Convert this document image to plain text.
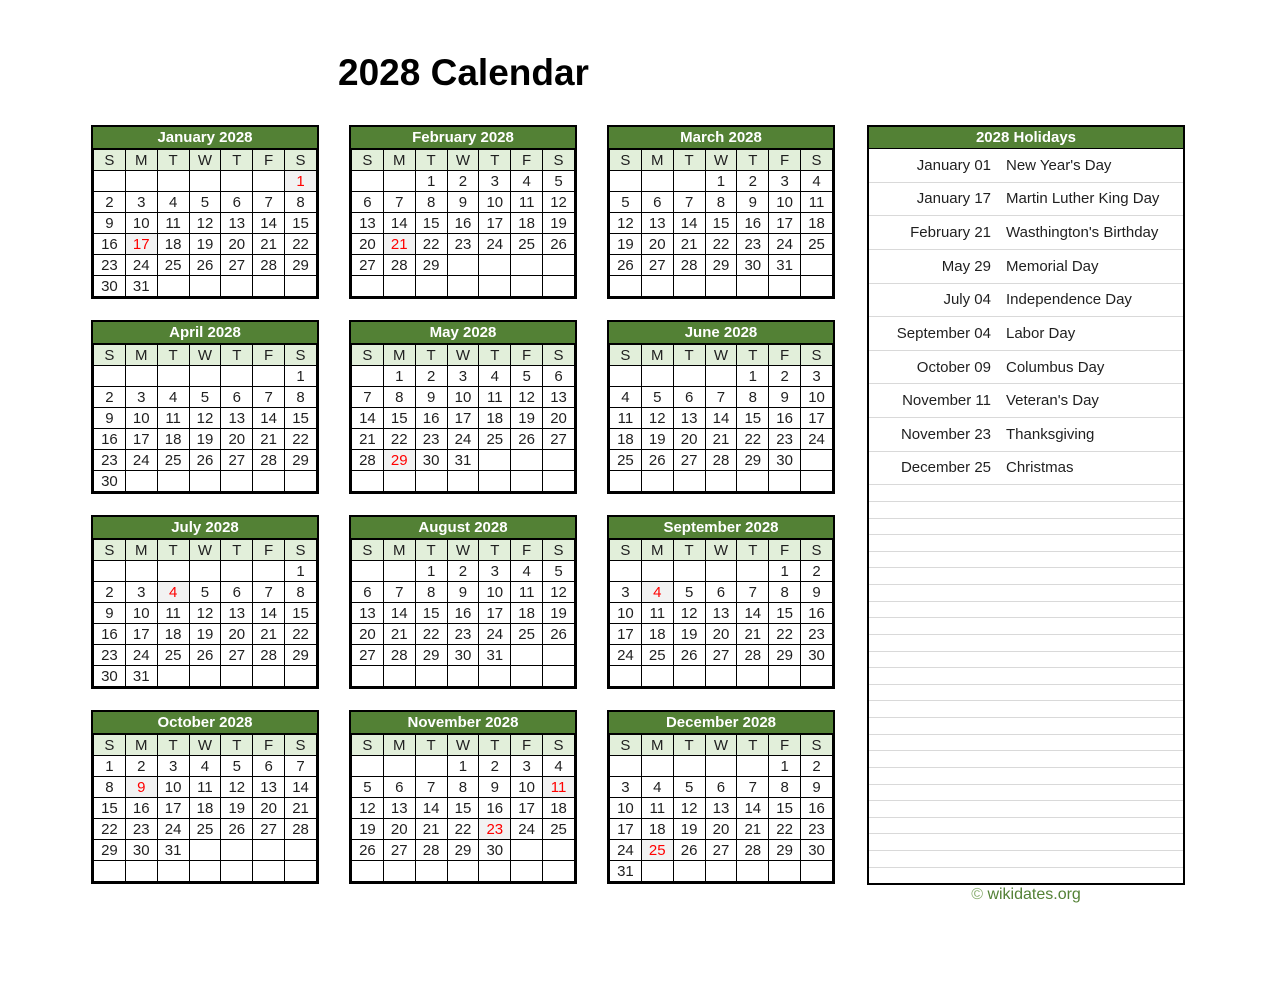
2028 Calendar
January 2028
S	M	T	W	T	F	S
						1
2	3	4	5	6	7	8
9	10	11	12	13	14	15
16	17	18	19	20	21	22
23	24	25	26	27	28	29
30	31					
February 2028
S	M	T	W	T	F	S
		1	2	3	4	5
6	7	8	9	10	11	12
13	14	15	16	17	18	19
20	21	22	23	24	25	26
27	28	29				

March 2028
S	M	T	W	T	F	S
			1	2	3	4
5	6	7	8	9	10	11
12	13	14	15	16	17	18
19	20	21	22	23	24	25
26	27	28	29	30	31	

April 2028
S	M	T	W	T	F	S
						1
2	3	4	5	6	7	8
9	10	11	12	13	14	15
16	17	18	19	20	21	22
23	24	25	26	27	28	29
30						
May 2028
S	M	T	W	T	F	S
	1	2	3	4	5	6
7	8	9	10	11	12	13
14	15	16	17	18	19	20
21	22	23	24	25	26	27
28	29	30	31			

June 2028
S	M	T	W	T	F	S
				1	2	3
4	5	6	7	8	9	10
11	12	13	14	15	16	17
18	19	20	21	22	23	24
25	26	27	28	29	30	

July 2028
S	M	T	W	T	F	S
						1
2	3	4	5	6	7	8
9	10	11	12	13	14	15
16	17	18	19	20	21	22
23	24	25	26	27	28	29
30	31					
August 2028
S	M	T	W	T	F	S
		1	2	3	4	5
6	7	8	9	10	11	12
13	14	15	16	17	18	19
20	21	22	23	24	25	26
27	28	29	30	31		

September 2028
S	M	T	W	T	F	S
					1	2
3	4	5	6	7	8	9
10	11	12	13	14	15	16
17	18	19	20	21	22	23
24	25	26	27	28	29	30

October 2028
S	M	T	W	T	F	S
1	2	3	4	5	6	7
8	9	10	11	12	13	14
15	16	17	18	19	20	21
22	23	24	25	26	27	28
29	30	31				

November 2028
S	M	T	W	T	F	S
			1	2	3	4
5	6	7	8	9	10	11
12	13	14	15	16	17	18
19	20	21	22	23	24	25
26	27	28	29	30		

December 2028
S	M	T	W	T	F	S
					1	2
3	4	5	6	7	8	9
10	11	12	13	14	15	16
17	18	19	20	21	22	23
24	25	26	27	28	29	30
31						
2028 Holidays
January 01 New Year's Day
January 17 Martin Luther King Day
February 21 Wasthington's Birthday
May 29 Memorial Day
July 04 Independence Day
September 04 Labor Day
October 09 Columbus Day
November 11 Veteran's Day
November 23 Thanksgiving
December 25 Christmas
© wikidates.org
